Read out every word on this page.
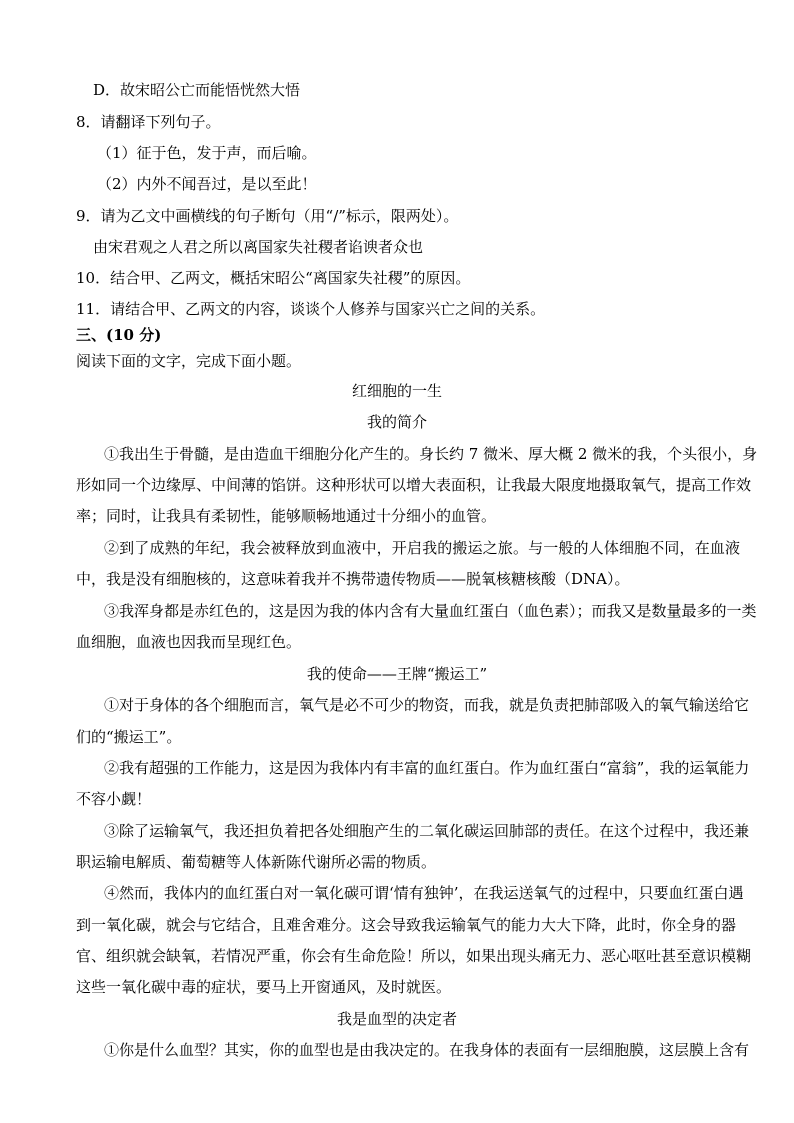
D．故宋昭公亡而能悟恍然大悟
8．请翻译下列句子。
（1）征于色，发于声，而后喻。
（2）内外不闻吾过，是以至此！
9．请为乙文中画横线的句子断句（用“/”标示，限两处）。
由宋君观之人君之所以离国家失社稷者谄谀者众也
10．结合甲、乙两文，概括宋昭公“离国家失社稷”的原因。
11．请结合甲、乙两文的内容，谈谈个人修养与国家兴亡之间的关系。
三、(10 分)
阅读下面的文字，完成下面小题。
红细胞的一生
我的简介
①我出生于骨髓，是由造血干细胞分化产生的。身长约 7 微米、厚大概 2 微米的我，个头很小，身
形如同一个边缘厚、中间薄的馅饼。这种形状可以增大表面积，让我最大限度地摄取氧气，提高工作效
率；同时，让我具有柔韧性，能够顺畅地通过十分细小的血管。
②到了成熟的年纪，我会被释放到血液中，开启我的搬运之旅。与一般的人体细胞不同，在血液
中，我是没有细胞核的，这意味着我并不携带遗传物质——脱氧核糖核酸（DNA）。
③我浑身都是赤红色的，这是因为我的体内含有大量血红蛋白（血色素）；而我又是数量最多的一类
血细胞，血液也因我而呈现红色。
我的使命——王牌“搬运工”
①对于身体的各个细胞而言，氧气是必不可少的物资，而我，就是负责把肺部吸入的氧气输送给它
们的“搬运工”。
②我有超强的工作能力，这是因为我体内有丰富的血红蛋白。作为血红蛋白“富翁”，我的运氧能力
不容小觑！
③除了运输氧气，我还担负着把各处细胞产生的二氧化碳运回肺部的责任。在这个过程中，我还兼
职运输电解质、葡萄糖等人体新陈代谢所必需的物质。
④然而，我体内的血红蛋白对一氧化碳可谓‘情有独钟’，在我运送氧气的过程中，只要血红蛋白遇
到一氧化碳，就会与它结合，且难舍难分。这会导致我运输氧气的能力大大下降，此时，你全身的器
官、组织就会缺氧，若情况严重，你会有生命危险！所以，如果出现头痛无力、恶心呕吐甚至意识模糊
这些一氧化碳中毒的症状，要马上开窗通风，及时就医。
我是血型的决定者
①你是什么血型？其实，你的血型也是由我决定的。在我身体的表面有一层细胞膜，这层膜上含有
